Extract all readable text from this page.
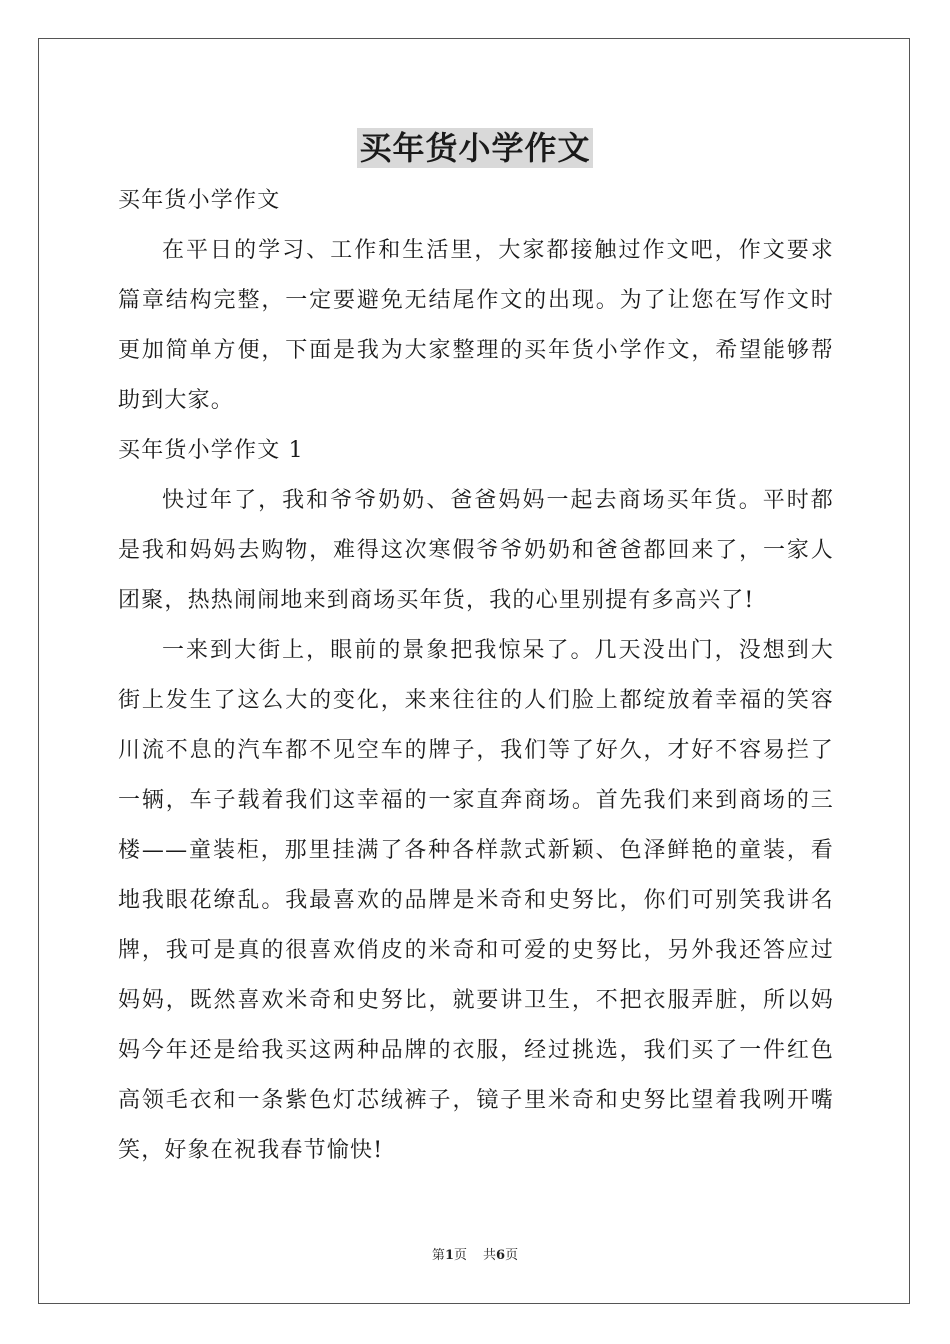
买年货小学作文

买年货小学作文

在平日的学习、工作和生活里，大家都接触过作文吧，作文要求篇章结构完整，一定要避免无结尾作文的出现。为了让您在写作文时更加简单方便，下面是我为大家整理的买年货小学作文，希望能够帮助到大家。

买年货小学作文 1

快过年了，我和爷爷奶奶、爸爸妈妈一起去商场买年货。平时都是我和妈妈去购物，难得这次寒假爷爷奶奶和爸爸都回来了，一家人团聚，热热闹闹地来到商场买年货，我的心里别提有多高兴了!

一来到大街上，眼前的景象把我惊呆了。几天没出门，没想到大街上发生了这么大的变化，来来往往的人们脸上都绽放着幸福的笑容川流不息的汽车都不见空车的牌子，我们等了好久，才好不容易拦了一辆，车子载着我们这幸福的一家直奔商场。首先我们来到商场的三楼——童装柜，那里挂满了各种各样款式新颖、色泽鲜艳的童装，看地我眼花缭乱。我最喜欢的品牌是米奇和史努比，你们可别笑我讲名牌，我可是真的很喜欢俏皮的米奇和可爱的史努比，另外我还答应过妈妈，既然喜欢米奇和史努比，就要讲卫生，不把衣服弄脏，所以妈妈今年还是给我买这两种品牌的衣服，经过挑选，我们买了一件红色高领毛衣和一条紫色灯芯绒裤子，镜子里米奇和史努比望着我咧开嘴笑，好象在祝我春节愉快!

第1页 共6页
